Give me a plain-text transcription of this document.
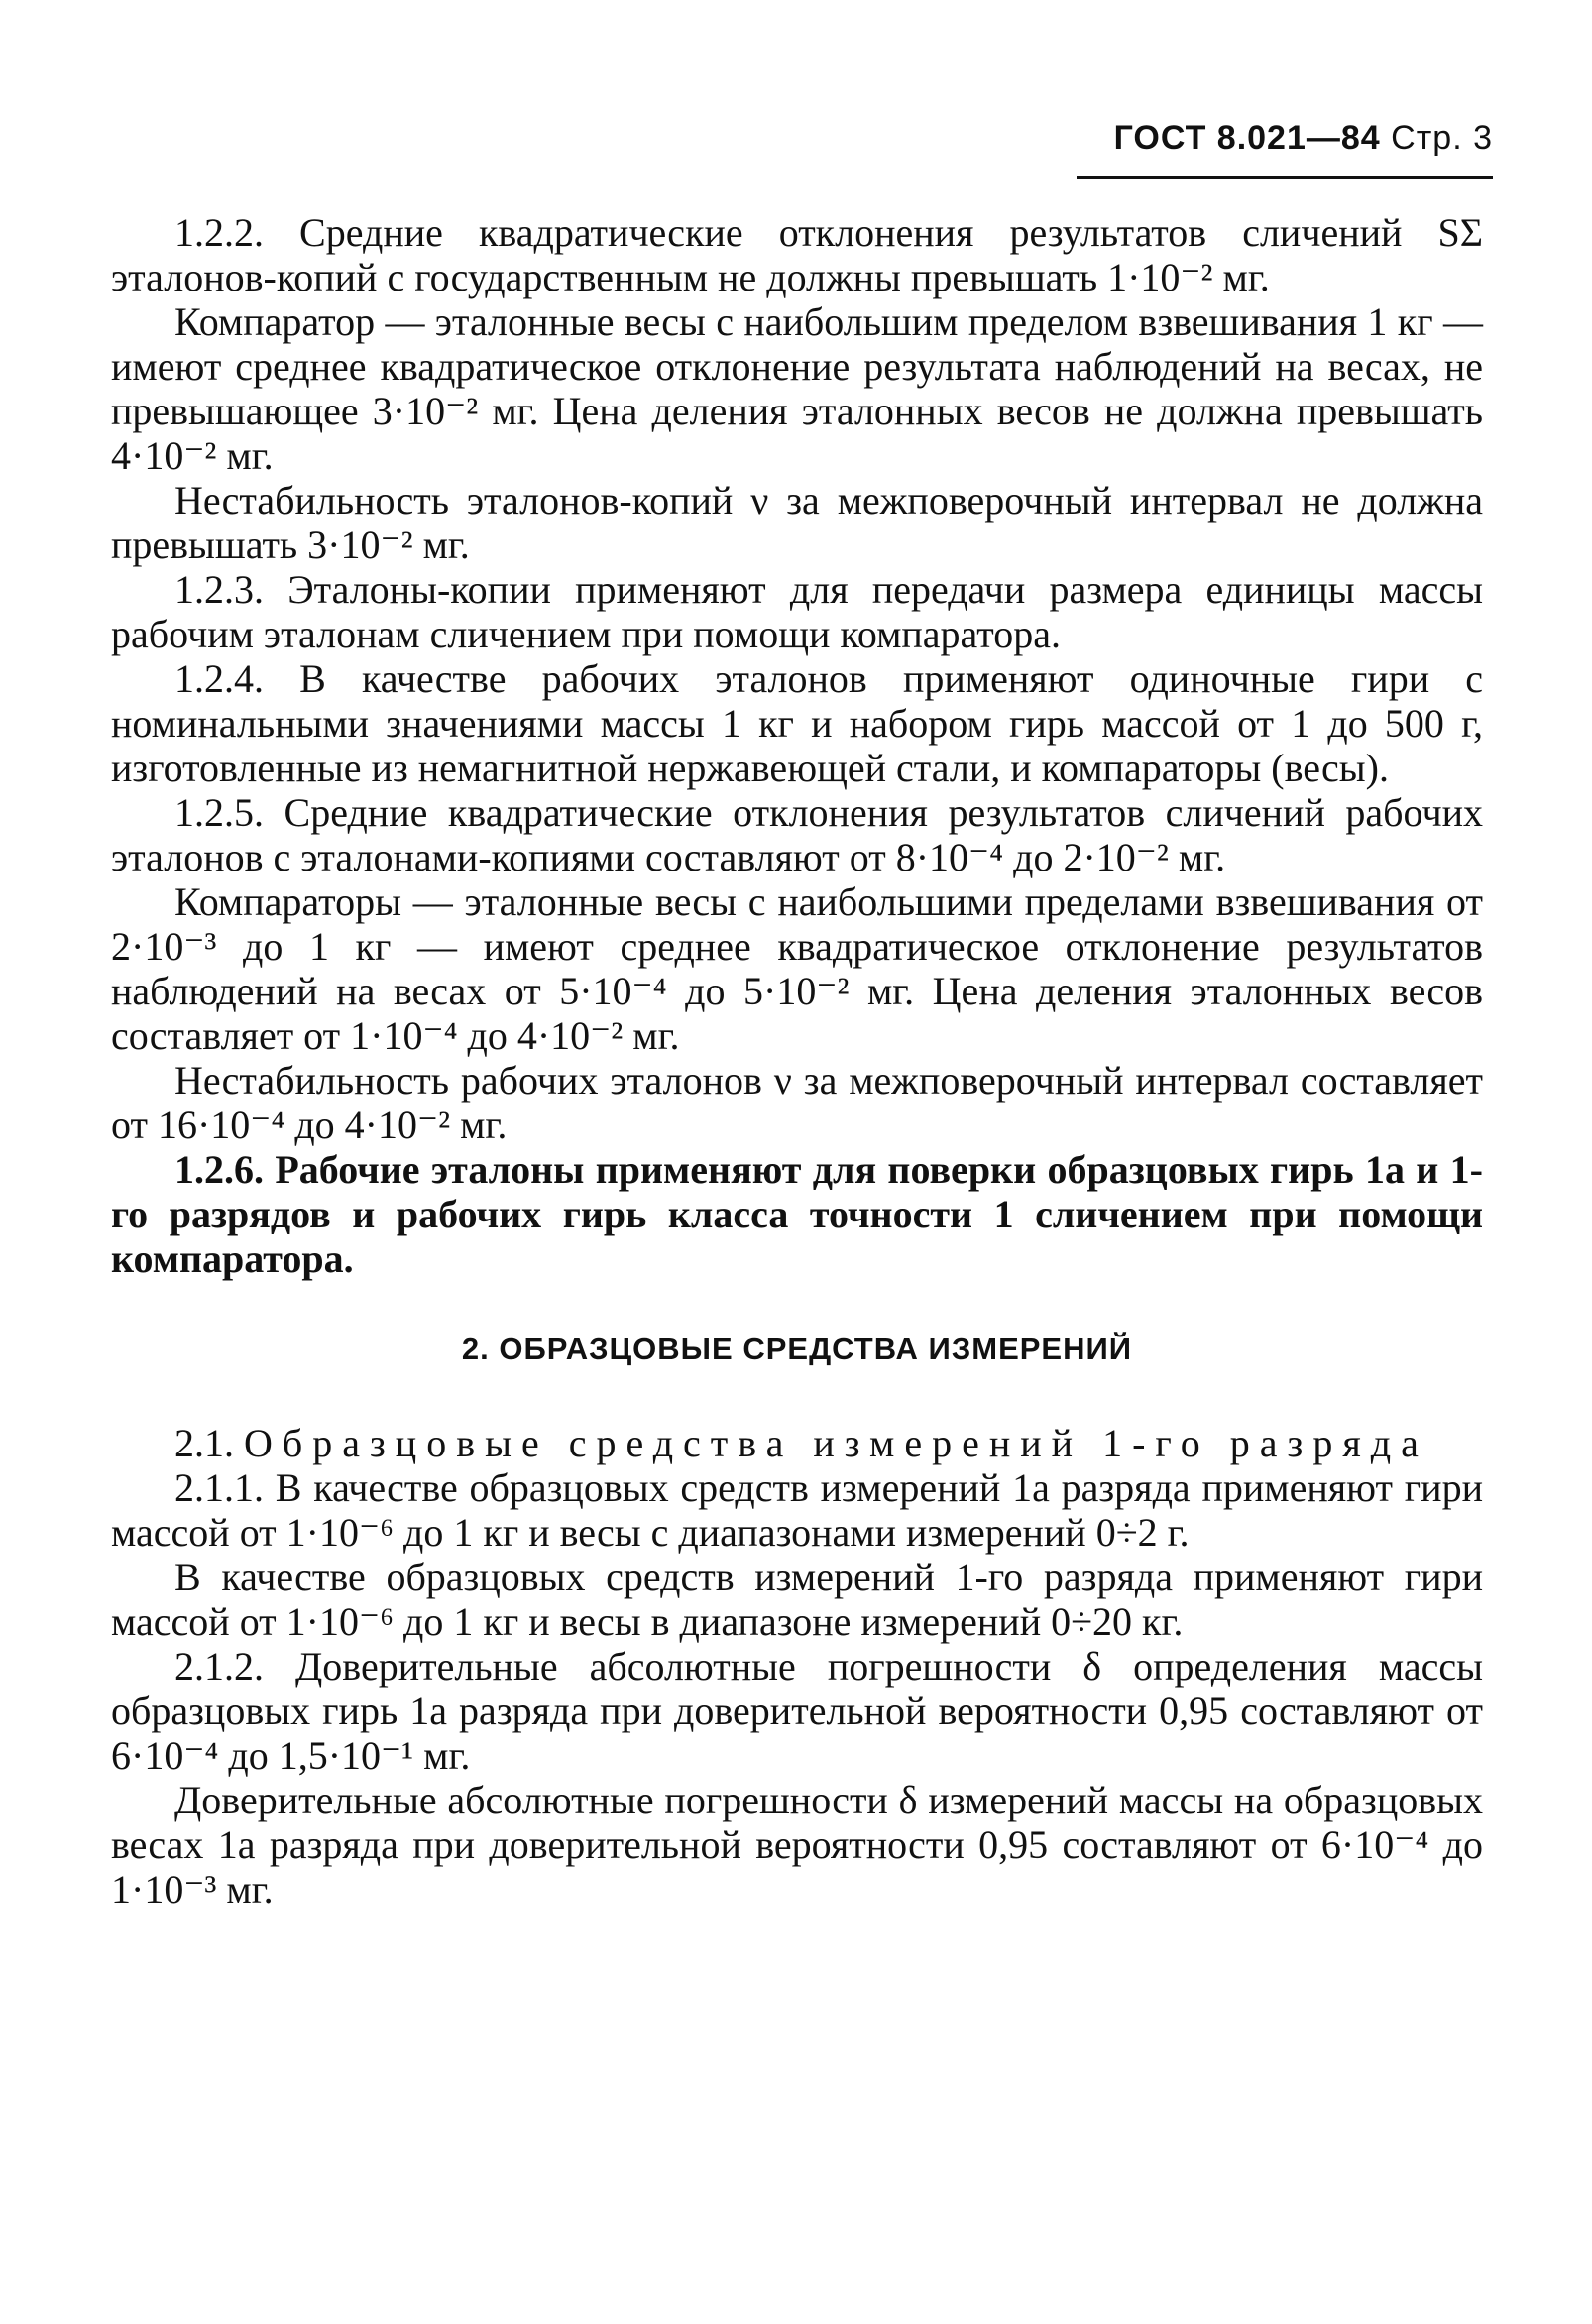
ГОСТ 8.021—84 Стр. 3

1.2.2. Средние квадратические отклонения результатов сличений SΣ эталонов-копий с государственным не должны превышать 1·10⁻² мг.

Компаратор — эталонные весы с наибольшим пределом взвешивания 1 кг — имеют среднее квадратическое отклонение результата наблюдений на весах, не превышающее 3·10⁻² мг. Цена деления эталонных весов не должна превышать 4·10⁻² мг.

Нестабильность эталонов-копий ν за межповерочный интервал не должна превышать 3·10⁻² мг.

1.2.3. Эталоны-копии применяют для передачи размера единицы массы рабочим эталонам сличением при помощи компаратора.

1.2.4. В качестве рабочих эталонов применяют одиночные гири с номинальными значениями массы 1 кг и набором гирь массой от 1 до 500 г, изготовленные из немагнитной нержавеющей стали, и компараторы (весы).

1.2.5. Средние квадратические отклонения результатов сличений рабочих эталонов с эталонами-копиями составляют от 8·10⁻⁴ до 2·10⁻² мг.

Компараторы — эталонные весы с наибольшими пределами взвешивания от 2·10⁻³ до 1 кг — имеют среднее квадратическое отклонение результатов наблюдений на весах от 5·10⁻⁴ до 5·10⁻² мг. Цена деления эталонных весов составляет от 1·10⁻⁴ до 4·10⁻² мг.

Нестабильность рабочих эталонов ν за межповерочный интервал составляет от 16·10⁻⁴ до 4·10⁻² мг.

1.2.6. Рабочие эталоны применяют для поверки образцовых гирь 1а и 1-го разрядов и рабочих гирь класса точности 1 сличением при помощи компаратора.

2. ОБРАЗЦОВЫЕ СРЕДСТВА ИЗМЕРЕНИЙ

2.1. Образцовые средства измерений 1-го разряда

2.1.1. В качестве образцовых средств измерений 1а разряда применяют гири массой от 1·10⁻⁶ до 1 кг и весы с диапазонами измерений 0÷2 г.

В качестве образцовых средств измерений 1-го разряда применяют гири массой от 1·10⁻⁶ до 1 кг и весы в диапазоне измерений 0÷20 кг.

2.1.2. Доверительные абсолютные погрешности δ определения массы образцовых гирь 1а разряда при доверительной вероятности 0,95 составляют от 6·10⁻⁴ до 1,5·10⁻¹ мг.

Доверительные абсолютные погрешности δ измерений массы на образцовых весах 1а разряда при доверительной вероятности 0,95 составляют от 6·10⁻⁴ до 1·10⁻³ мг.
